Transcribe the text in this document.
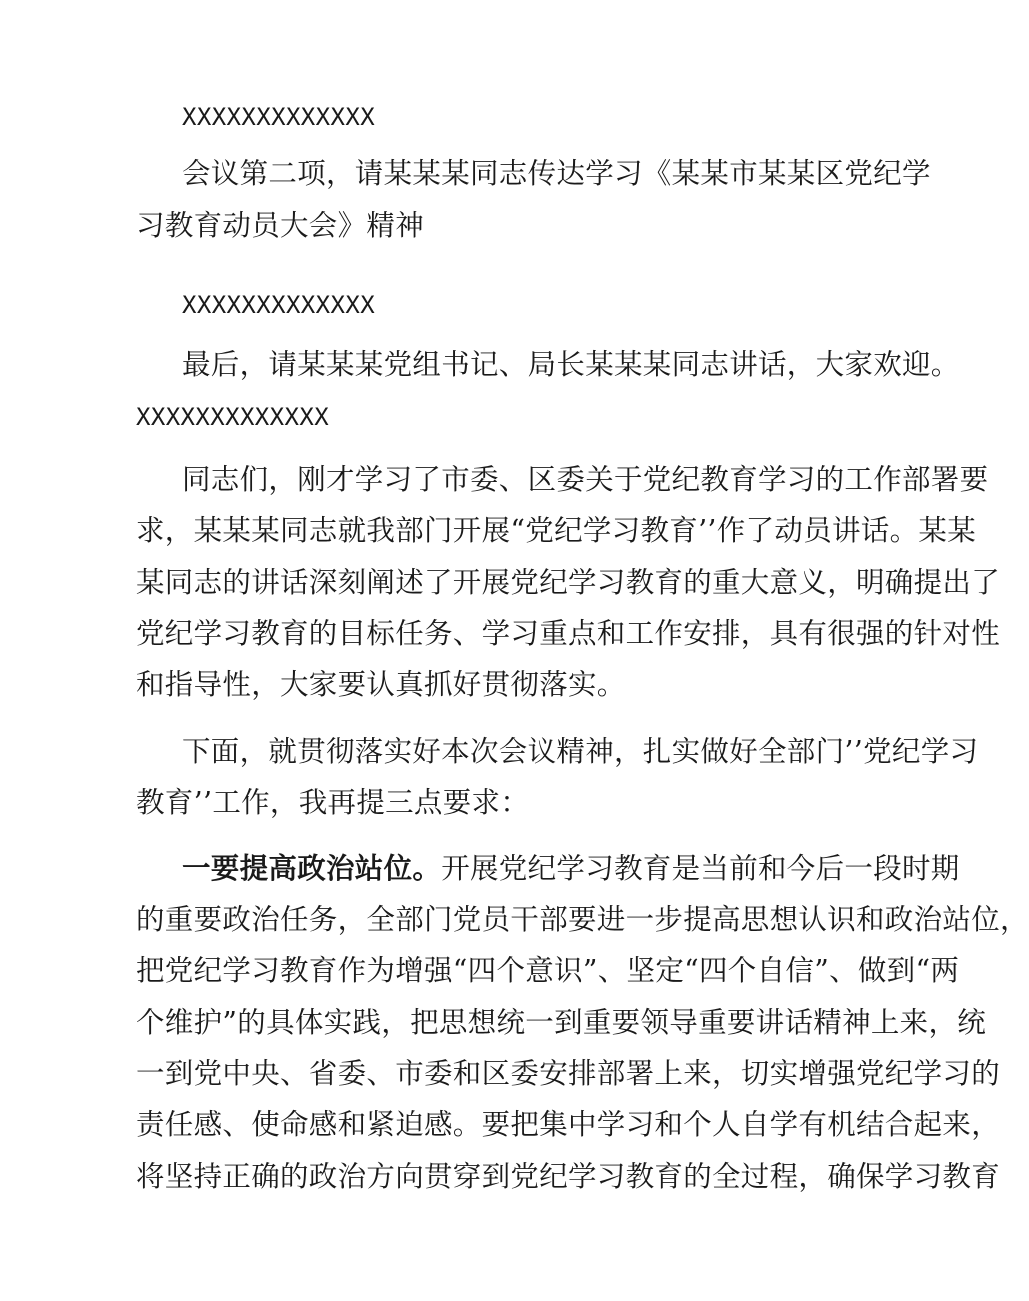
XXXXXXXXXXXXX
会议第二项，请某某某同志传达学习《某某市某某区党纪学
习教育动员大会》精神
XXXXXXXXXXXXX
最后，请某某某党组书记、局长某某某同志讲话，大家欢迎。
XXXXXXXXXXXXX
同志们，刚才学习了市委、区委关于党纪教育学习的工作部署要
求，某某某同志就我部门开展“党纪学习教育’’作了动员讲话。某某
某同志的讲话深刻阐述了开展党纪学习教育的重大意义，明确提出了
党纪学习教育的目标任务、学习重点和工作安排，具有很强的针对性
和指导性，大家要认真抓好贯彻落实。
下面，就贯彻落实好本次会议精神，扎实做好全部门’’党纪学习
教育’’工作，我再提三点要求：
一要提高政治站位。开展党纪学习教育是当前和今后一段时期
的重要政治任务，全部门党员干部要进一步提高思想认识和政治站位，
把党纪学习教育作为增强“四个意识”、坚定“四个自信”、做到“两
个维护”的具体实践，把思想统一到重要领导重要讲话精神上来，统
一到党中央、省委、市委和区委安排部署上来，切实增强党纪学习的
责任感、使命感和紧迫感。要把集中学习和个人自学有机结合起来，
将坚持正确的政治方向贯穿到党纪学习教育的全过程，确保学习教育
